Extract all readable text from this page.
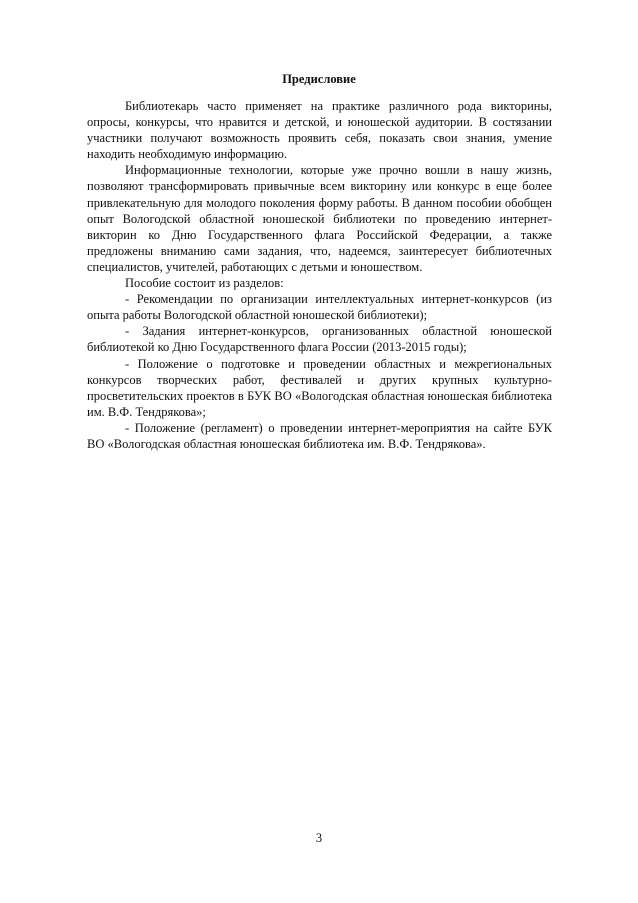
Предисловие

Библиотекарь часто применяет на практике различного рода викторины, опросы, конкурсы, что нравится и детской, и юношеской аудитории. В состязании участники получают возможность проявить себя, показать свои знания, умение находить необходимую информацию.

Информационные технологии, которые уже прочно вошли в нашу жизнь, позволяют трансформировать привычные всем викторину или конкурс в еще более привлекательную для молодого поколения форму работы. В данном пособии обобщен опыт Вологодской областной юношеской библиотеки по проведению интернет-викторин ко Дню Государственного флага Российской Федерации, а также предложены вниманию сами задания, что, надеемся, заинтересует библиотечных специалистов, учителей, работающих с детьми и юношеством.

Пособие состоит из разделов:

- Рекомендации по организации интеллектуальных интернет-конкурсов (из опыта работы Вологодской областной юношеской библиотеки);

- Задания интернет-конкурсов, организованных областной юношеской библиотекой ко Дню Государственного флага России (2013-2015 годы);

- Положение о подготовке и проведении областных и межрегиональных конкурсов творческих работ, фестивалей и других крупных культурно-просветительских проектов в БУК ВО «Вологодская областная юношеская библиотека им. В.Ф. Тендрякова»;

- Положение (регламент) о проведении интернет-мероприятия на сайте БУК ВО «Вологодская областная юношеская библиотека им. В.Ф. Тендрякова».

3
